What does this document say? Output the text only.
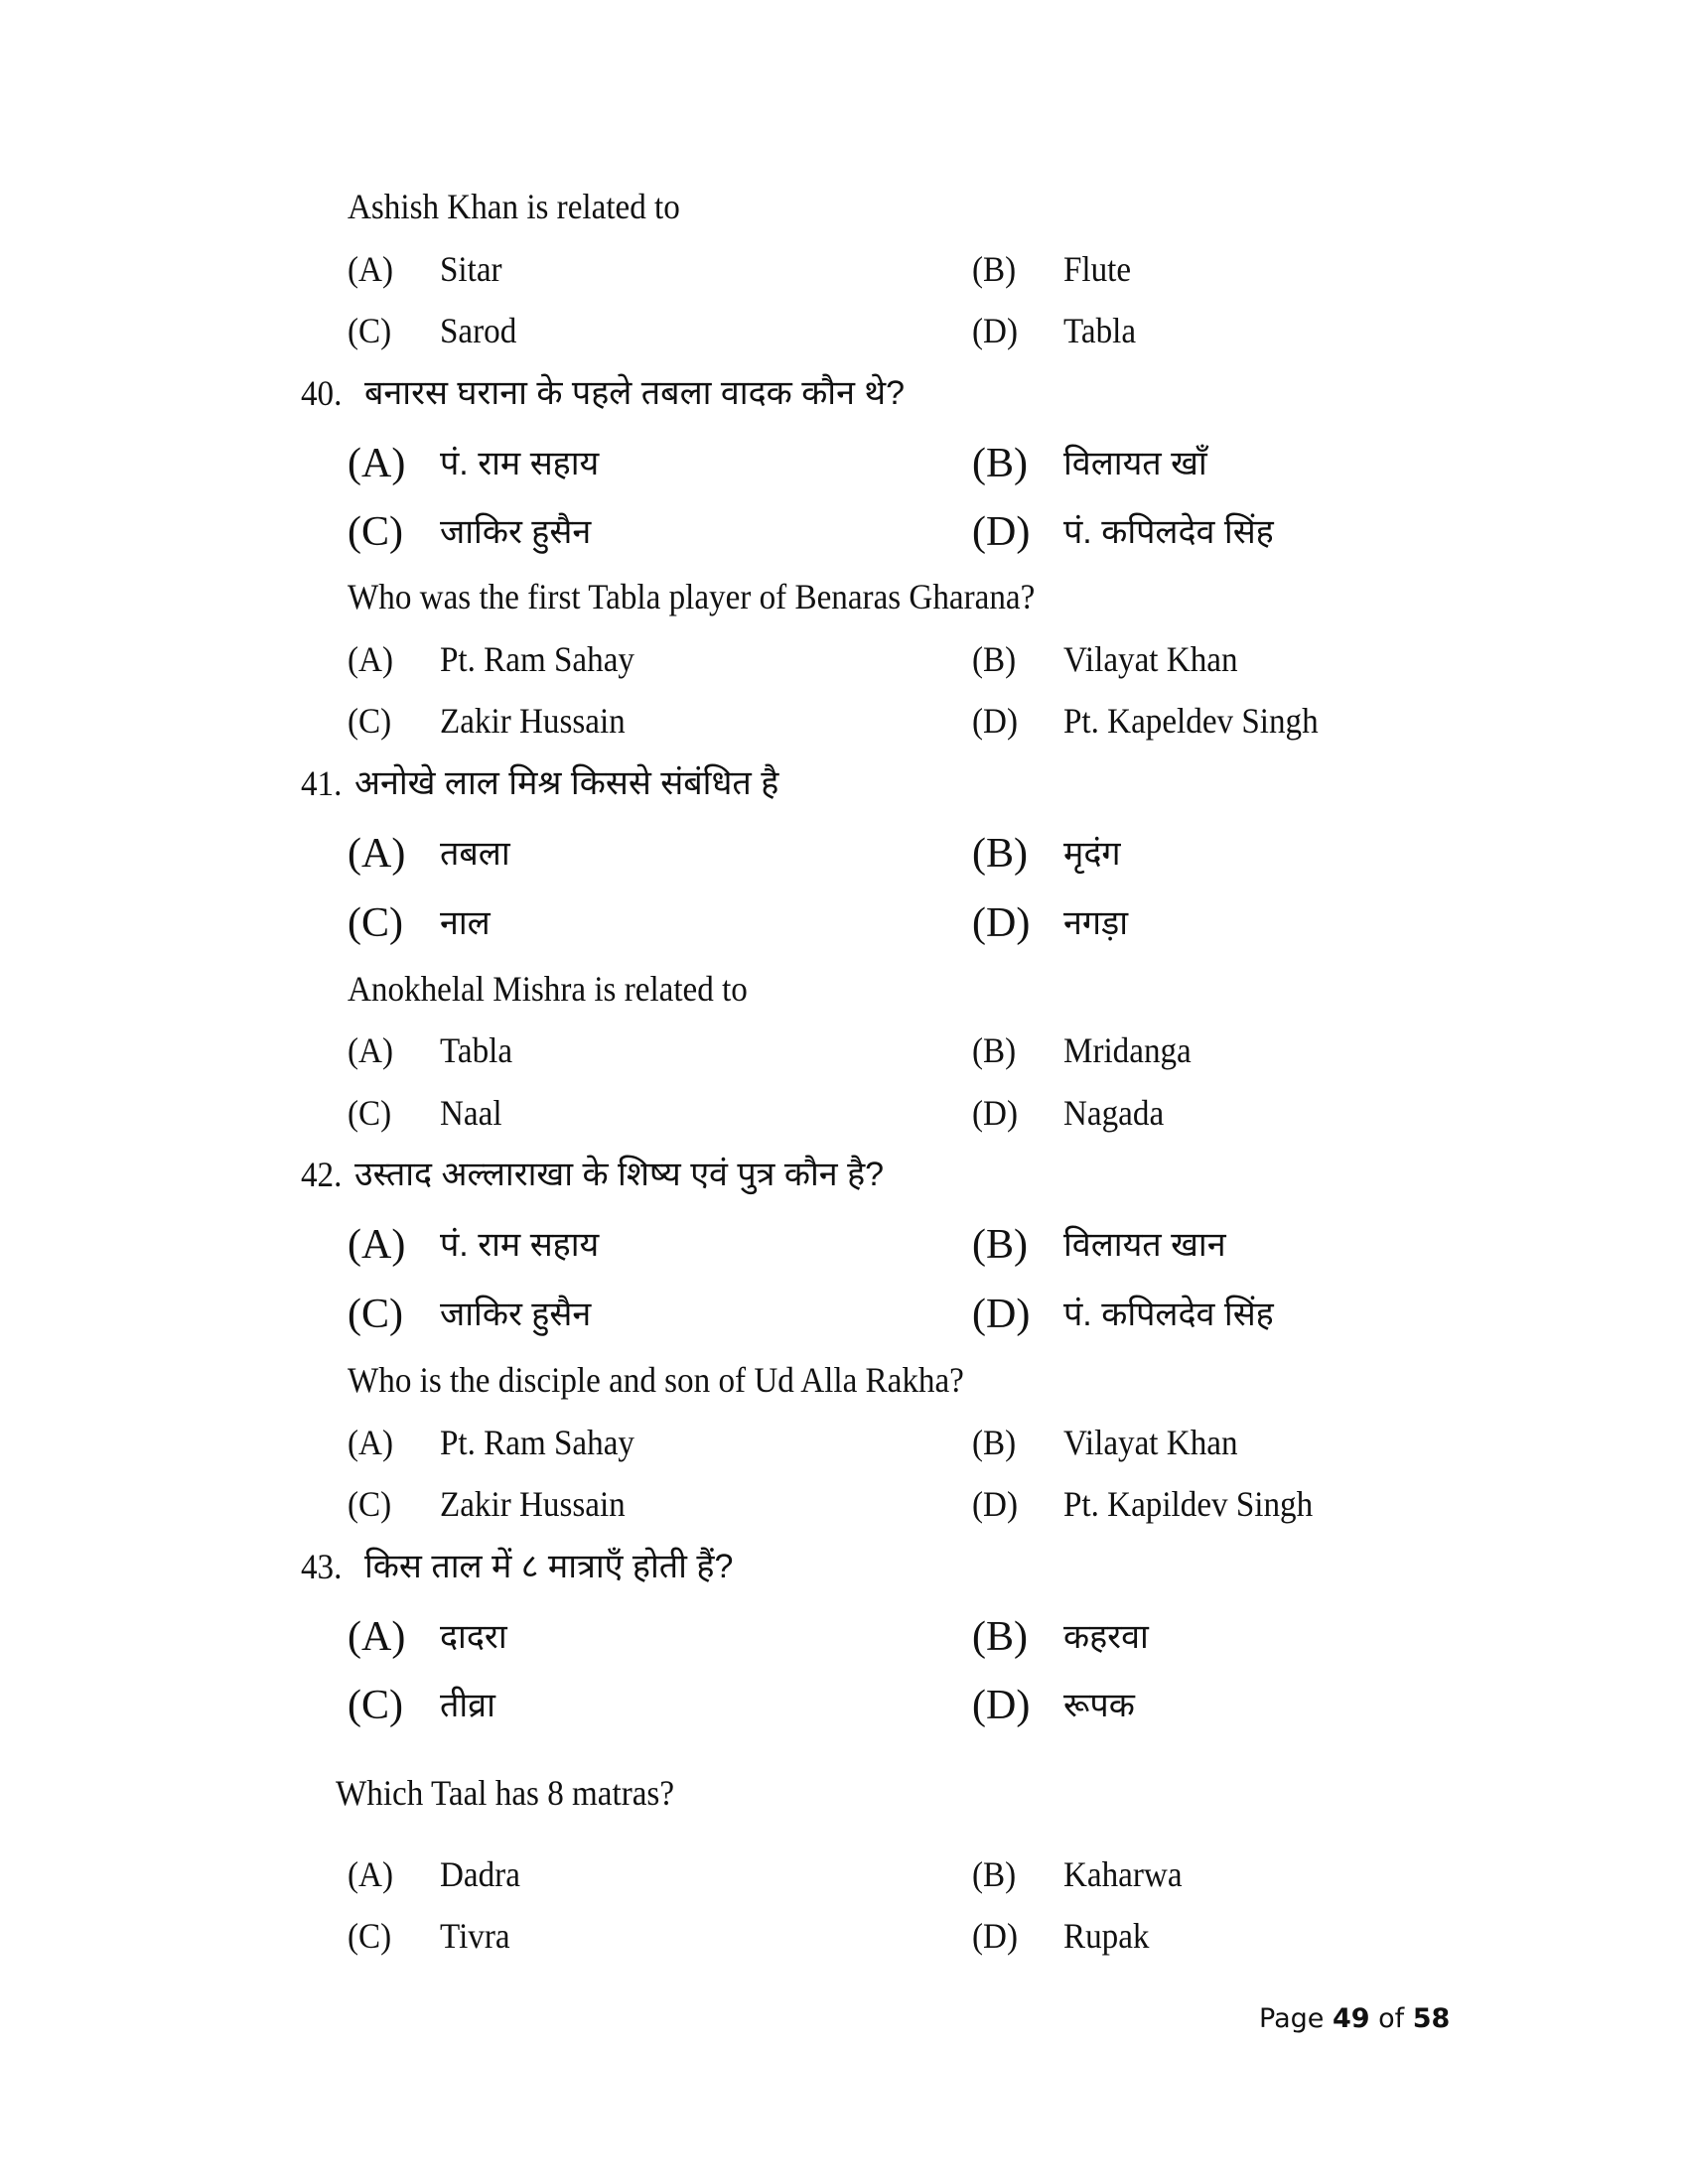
Ashish Khan is related to
(A) Sitar	(B) Flute
(C) Sarod	(D) Tabla
40. बनारस घराना के पहले तबला वादक कौन थे?
(A) पं. राम सहाय	(B) विलायत खाँ
(C) जाकिर हुसैन	(D) पं. कपिलदेव सिंह
Who was the first Tabla player of Benaras Gharana?
(A) Pt. Ram Sahay	(B) Vilayat Khan
(C) Zakir Hussain	(D) Pt. Kapeldev Singh
41. अनोखे लाल मिश्र किससे संबंधित है
(A) तबला	(B) मृदंग
(C) नाल	(D) नगड़ा
Anokhelal Mishra is related to
(A) Tabla	(B) Mridanga
(C) Naal	(D) Nagada
42. उस्ताद अल्लाराखा के शिष्य एवं पुत्र कौन है?
(A) पं. राम सहाय	(B) विलायत खान
(C) जाकिर हुसैन	(D) पं. कपिलदेव सिंह
Who is the disciple and son of Ud Alla Rakha?
(A) Pt. Ram Sahay	(B) Vilayat Khan
(C) Zakir Hussain	(D) Pt. Kapildev Singh
43. किस ताल में ८ मात्राएँ होती हैं?
(A) दादरा	(B) कहरवा
(C) तीव्रा	(D) रूपक
Which Taal has 8 matras?
(A) Dadra	(B) Kaharwa
(C) Tivra	(D) Rupak
Page 49 of 58
